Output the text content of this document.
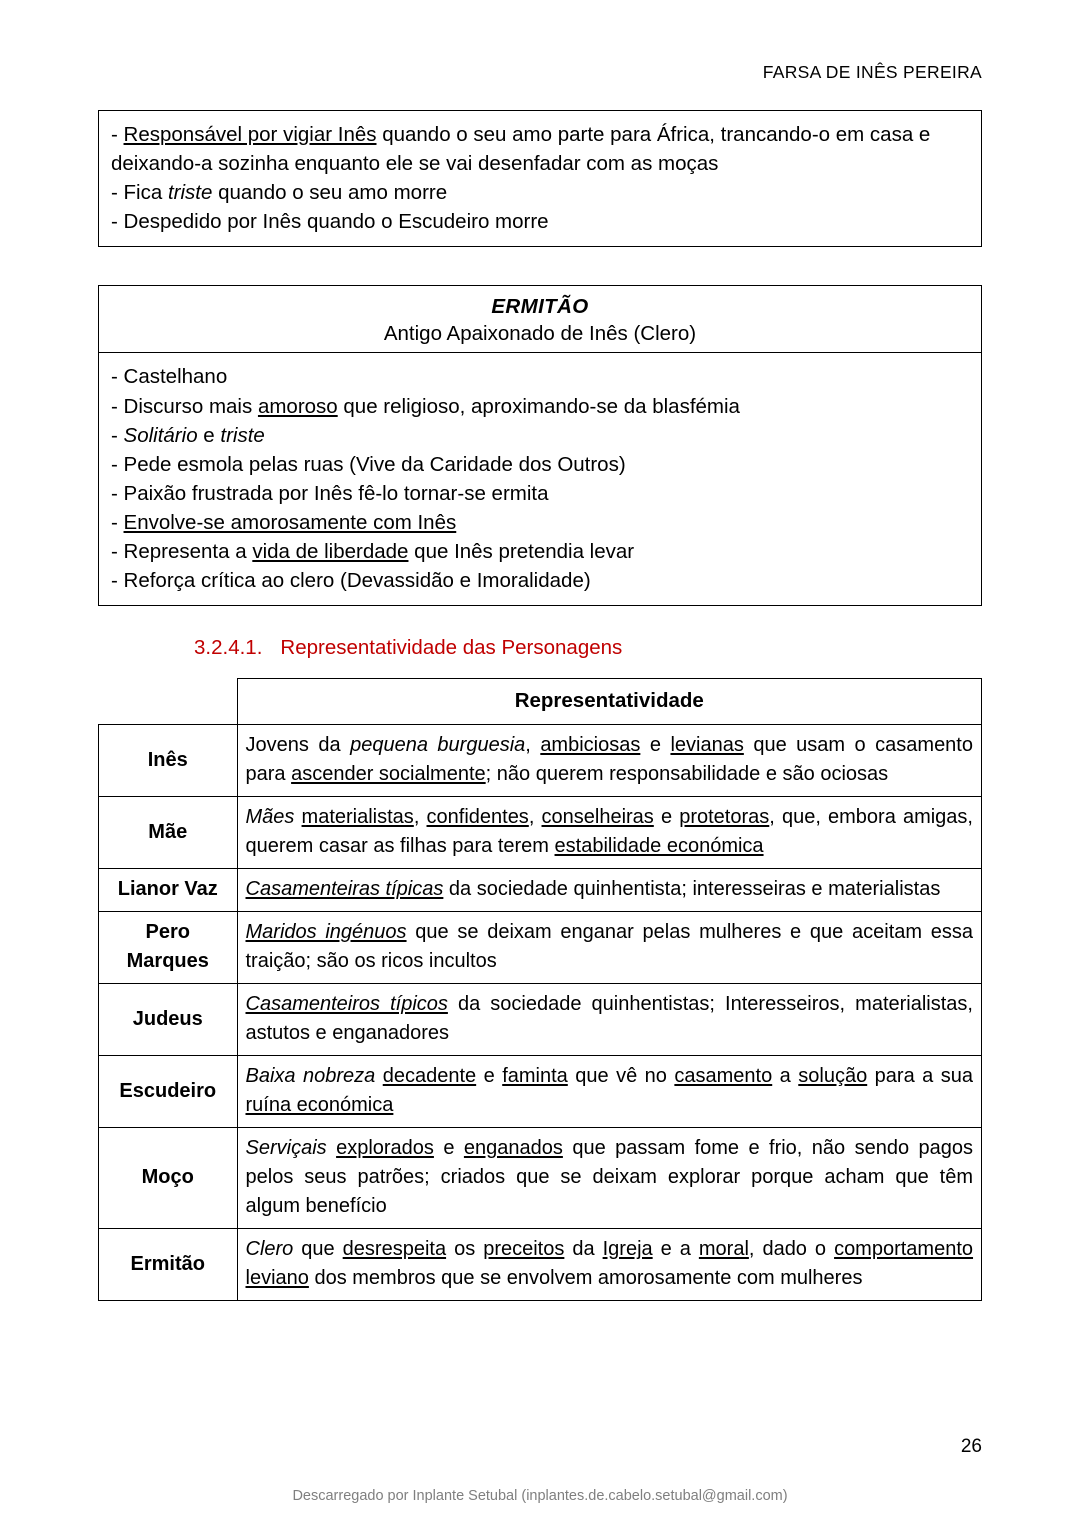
FARSA DE INÊS PEREIRA
- Responsável por vigiar Inês quando o seu amo parte para África, trancando-o em casa e deixando-a sozinha enquanto ele se vai desenfadar com as moças
- Fica triste quando o seu amo morre
- Despedido por Inês quando o Escudeiro morre
ERMITÃO
Antigo Apaixonado de Inês (Clero)
- Castelhano
- Discurso mais amoroso que religioso, aproximando-se da blasfémia
- Solitário e triste
- Pede esmola pelas ruas (Vive da Caridade dos Outros)
- Paixão frustrada por Inês fê-lo tornar-se ermita
- Envolve-se amorosamente com Inês
- Representa a vida de liberdade que Inês pretendia levar
- Reforça crítica ao clero (Devassidão e Imoralidade)
3.2.4.1. Representatividade das Personagens
	Representatividade
Inês	Jovens da pequena burguesia, ambiciosas e levianas que usam o casamento para ascender socialmente; não querem responsabilidade e são ociosas
Mãe	Mães materialistas, confidentes, conselheiras e protetoras, que, embora amigas, querem casar as filhas para terem estabilidade económica
Lianor Vaz	Casamenteiras típicas da sociedade quinhentista; interesseiras e materialistas
Pero Marques	Maridos ingénuos que se deixam enganar pelas mulheres e que aceitam essa traição; são os ricos incultos
Judeus	Casamenteiros típicos da sociedade quinhentistas; Interesseiros, materialistas, astutos e enganadores
Escudeiro	Baixa nobreza decadente e faminta que vê no casamento a solução para a sua ruína económica
Moço	Serviçais explorados e enganados que passam fome e frio, não sendo pagos pelos seus patrões; criados que se deixam explorar porque acham que têm algum benefício
Ermitão	Clero que desrespeita os preceitos da Igreja e a moral, dado o comportamento leviano dos membros que se envolvem amorosamente com mulheres
26
Descarregado por Inplante Setubal (inplantes.de.cabelo.setubal@gmail.com)
